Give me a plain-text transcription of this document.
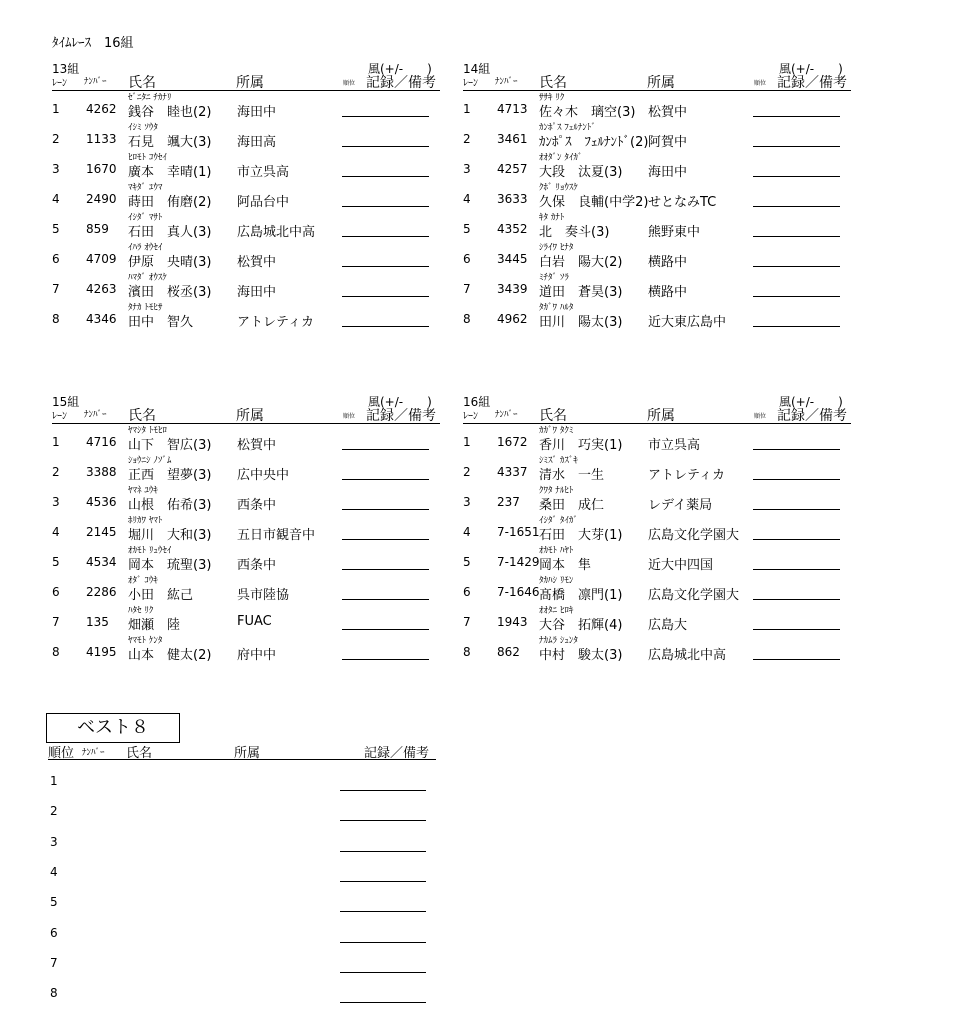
ﾀｲﾑﾚｰｽ　16組
13組	風(+/-　　)
ﾚｰﾝ ﾅﾝﾊﾞｰ 氏名	所属	順位 記録／備考
ｾﾞﾆﾀﾆ ﾁｶﾅﾘ
1 4262 銭谷　睦也(2) 海田中
ｲｼﾐ ｿｳﾀ
2 1133 石見　颯大(3) 海田高
ﾋﾛﾓﾄ ｺｳｾｲ
3 1670 廣本　幸晴(1) 市立呉高
ﾏｷﾀﾞ ﾕｳﾏ
4 2490 蒔田　侑磨(2) 阿品台中
ｲｼﾀﾞ ﾏｻﾄ
5 859 石田　真人(3) 広島城北中高
ｲﾊﾗ ｵｳｾｲ
6 4709 伊原　央晴(3) 松賀中
ﾊﾏﾀﾞ ｵｳｽｹ
7 4263 濱田　桜丞(3) 海田中
ﾀﾅｶ ﾄﾓﾋｻ
8 4346 田中　智久	アトレティカ
14組	風(+/-　　)
ﾚｰﾝ ﾅﾝﾊﾞｰ 氏名	所属	順位 記録／備考
ｻｻｷ ﾘｸ
1 4713 佐々木　璃空(3) 松賀中
ｶﾝﾎﾟｽ ﾌｪﾙﾅﾝﾄﾞ
2 3461 ｶﾝﾎﾟｽ　ﾌｪﾙﾅﾝﾄﾞ(2) 阿賀中
ｵｵﾀﾞﾝ ﾀｲｶﾞ
3 4257 大段　汰夏(3) 海田中
ｸﾎﾞ ﾘｮｳｽｹ
4 3633 久保　良輔(中学2) せとなみTC
ｷﾀ ｶﾅﾄ
5 4352 北　奏斗(3)	熊野東中
ｼﾗｲﾜ ﾋﾅﾀ
6 3445 白岩　陽大(2) 横路中
ﾐﾁﾀﾞ ｿﾗ
7 3439 道田　蒼昊(3) 横路中
ﾀｶﾞﾜ ﾊﾙﾀ
8 4962 田川　陽太(3) 近大東広島中
15組	風(+/-　　)
ﾚｰﾝ ﾅﾝﾊﾞｰ 氏名	所属	順位 記録／備考
ﾔﾏｼﾀ ﾄﾓﾋﾛ
1 4716 山下　智広(3) 松賀中
ｼｮｳﾆｼ ﾉｿﾞﾑ
2 3388 正西　望夢(3) 広中央中
ﾔﾏﾈ ﾕｳｷ
3 4536 山根　佑希(3) 西条中
ﾎﾘｶﾜ ﾔﾏﾄ
4 2145 堀川　大和(3) 五日市観音中
ｵｶﾓﾄ ﾘｭｳｾｲ
5 4534 岡本　琉聖(3) 西条中
ｵﾀﾞ ｺｳｷ
6 2286 小田　紘己	呉市陸協
ﾊﾀｾ ﾘｸ
7 135 畑瀬　陸	FUAC
ﾔﾏﾓﾄ ｹﾝﾀ
8 4195 山本　健太(2) 府中中
16組	風(+/-　　)
ﾚｰﾝ ﾅﾝﾊﾞｰ 氏名	所属	順位 記録／備考
ｶｶﾞﾜ ﾀｸﾐ
1 1672 香川　巧実(1) 市立呉高
ｼﾐｽﾞ ｶｽﾞｷ
2 4337 清水　一生	アトレティカ
ｸﾜﾀ ﾅﾙﾋﾄ
3 237 桑田　成仁	レデイ薬局
ｲｼﾀﾞ ﾀｲｶﾞ
4 7-1651 石田　大芽(1) 広島文化学園大
ｵｶﾓﾄ ﾊﾔﾄ
5 7-1429 岡本　隼	近大中四国
ﾀｶﾊｼ ﾘﾓﾝ
6 7-1646 髙橋　凛門(1) 広島文化学園大
ｵｵﾀﾆ ﾋﾛｷ
7 1943 大谷　拓輝(4) 広島大
ﾅｶﾑﾗ ｼｭﾝﾀ
8 862 中村　駿太(3) 広島城北中高
ベスト８
順位 ﾅﾝﾊﾞｰ 氏名	所属	記録／備考
1
2
3
4
5
6
7
8
